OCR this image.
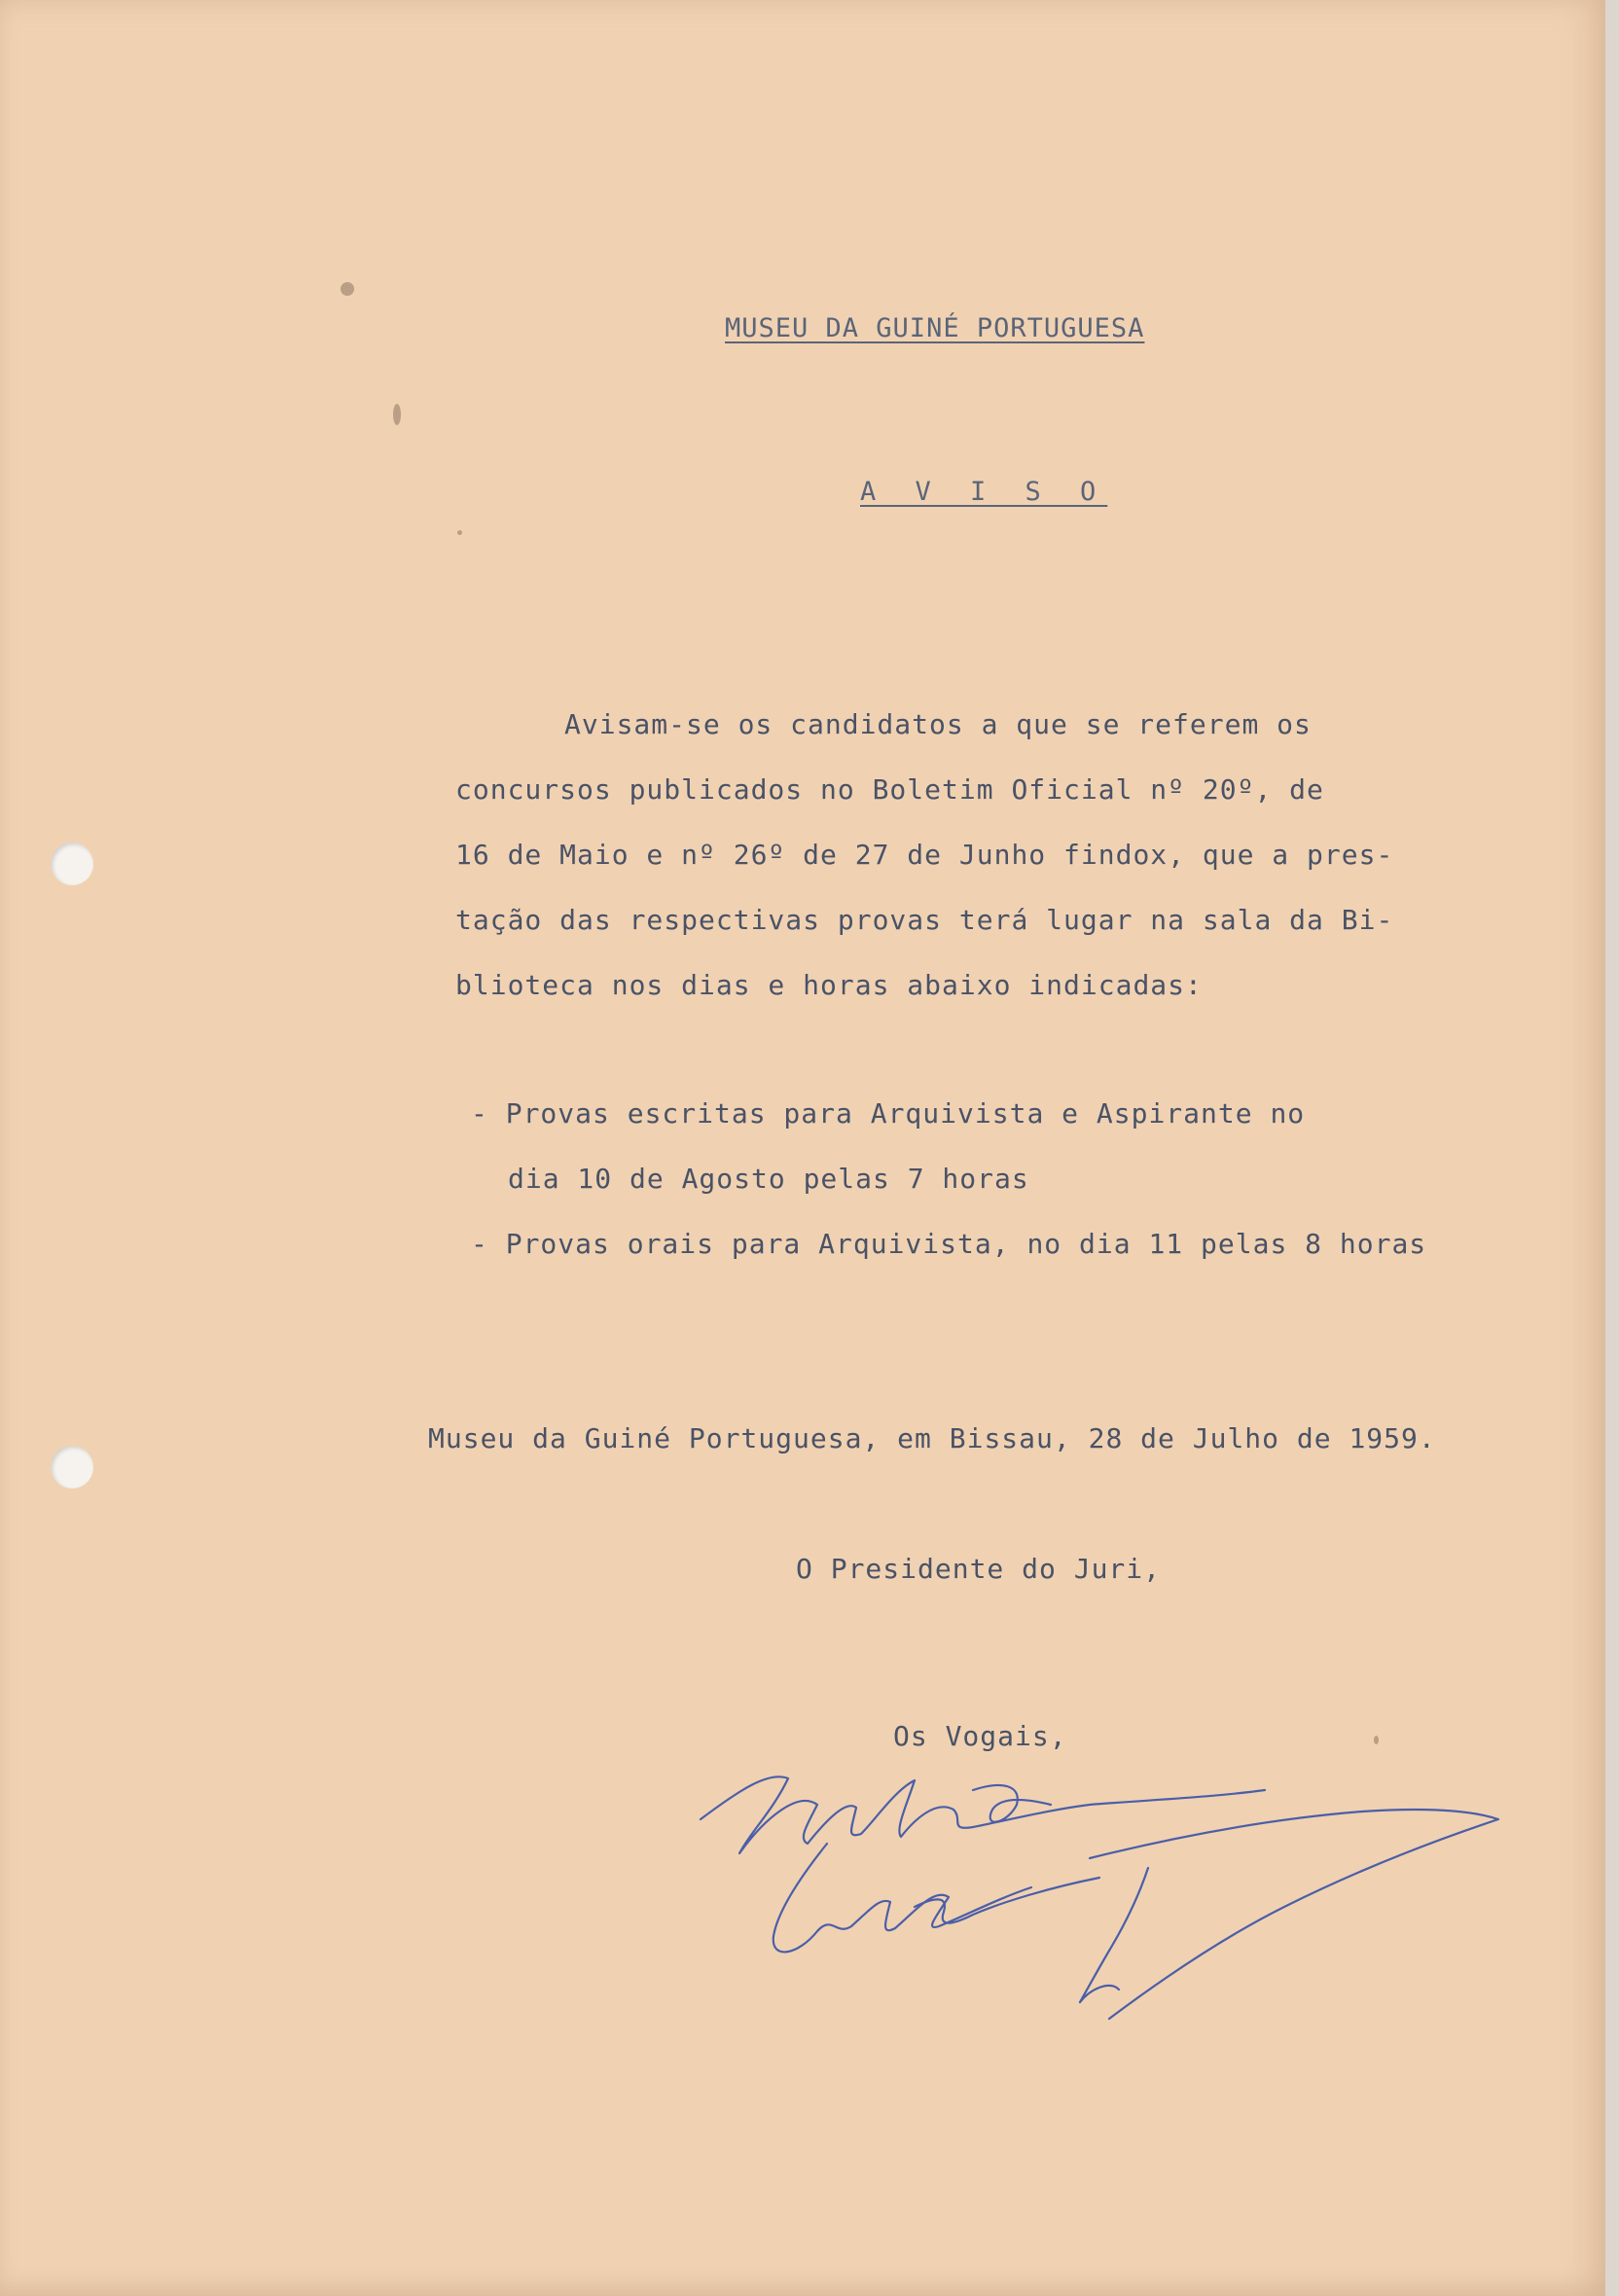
MUSEU DA GUINÉ PORTUGUESA
A V I S O
Avisam-se os candidatos a que se referem os
concursos publicados no Boletim Oficial nº 20º, de
16 de Maio e nº 26º de 27 de Junho findox, que a pres-
tação das respectivas provas terá lugar na sala da Bi-
blioteca nos dias e horas abaixo indicadas:
- Provas escritas para Arquivista e Aspirante no
dia 10 de Agosto pelas 7 horas
- Provas orais para Arquivista, no dia 11 pelas 8 horas
Museu da Guiné Portuguesa, em Bissau, 28 de Julho de 1959.
O Presidente do Juri,
Os Vogais,
